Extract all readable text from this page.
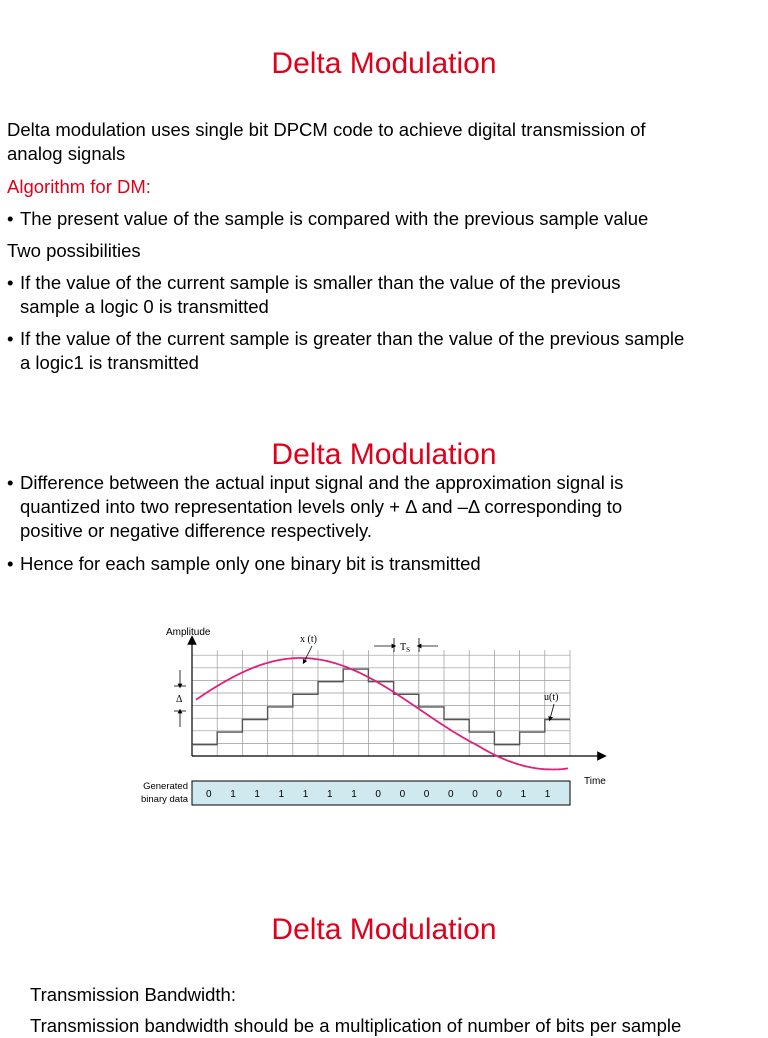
Delta Modulation
Delta modulation uses single bit DPCM code to achieve digital transmission of
analog signals
Algorithm for DM:
• The present value of the sample is compared with the previous sample value
Two possibilities
• If the value of the current sample is smaller than the value of the previous
sample a logic 0 is transmitted
• If the value of the current sample is greater than the value of the previous sample
a logic1 is transmitted
Delta Modulation
• Difference between the actual input signal and the approximation signal is
quantized into two representation levels only + Δ and –Δ corresponding to
positive or negative difference respectively.
• Hence for each sample only one binary bit is transmitted
Amplitude
Time
x (t)
u(t)
$T_S$
Δ
Generated
binary data 0 1 1 1 1 1 1 0 0 0 0 0 0 1 1
Delta Modulation
Transmission Bandwidth:
Transmission bandwidth should be a multiplication of number of bits per sample
